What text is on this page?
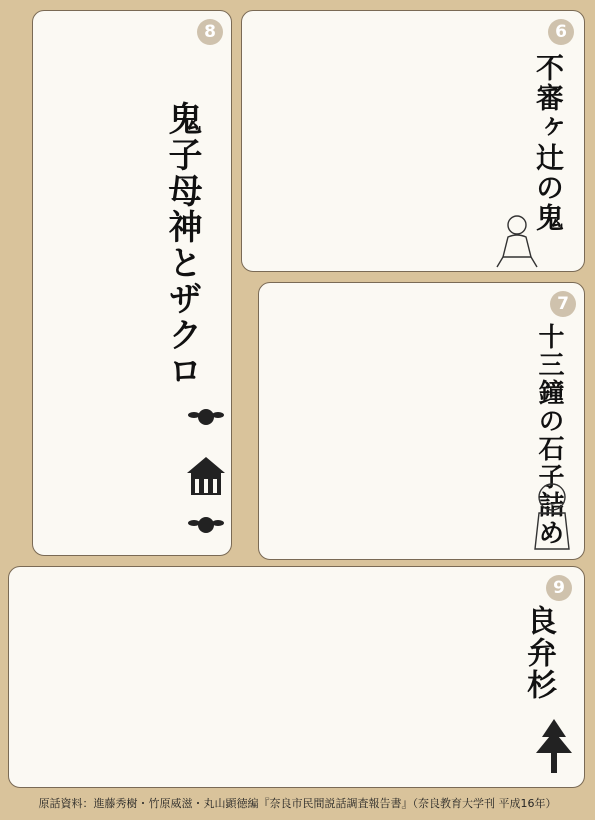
8
鬼子母神とザクロ
6
不審ヶ辻の鬼
7
十三鐘の石子詰め
9
良弁杉
原話資料：進藤秀樹・竹原威滋・丸山顕徳編『奈良市民間説話調査報告書』（奈良教育大学刊 平成16年）
